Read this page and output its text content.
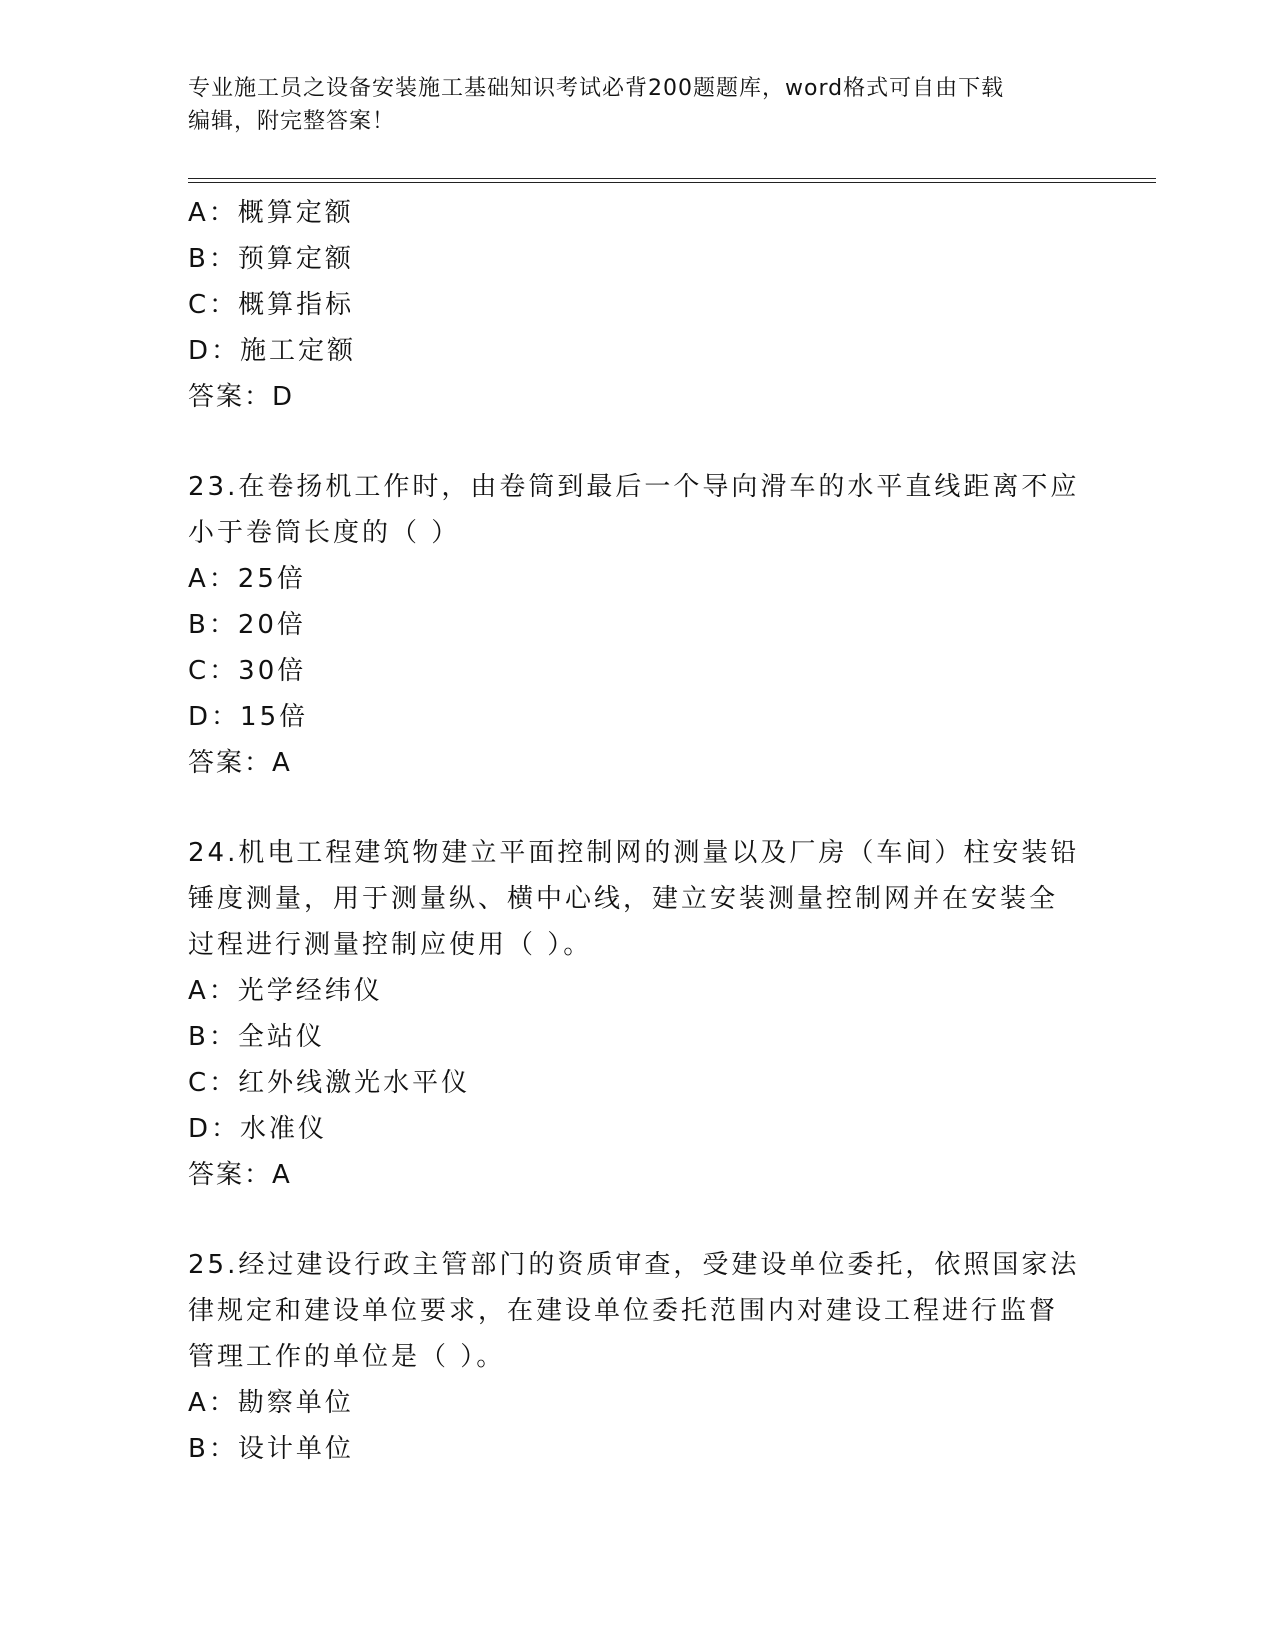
专业施工员之设备安装施工基础知识考试必背200题题库，word格式可自由下载
编辑，附完整答案！
A：概算定额
B：预算定额
C：概算指标
D：施工定额
答案：D
23.在卷扬机工作时，由卷筒到最后一个导向滑车的水平直线距离不应
小于卷筒长度的（ ）
A：25倍
B：20倍
C：30倍
D：15倍
答案：A
24.机电工程建筑物建立平面控制网的测量以及厂房（车间）柱安装铅
锤度测量，用于测量纵、横中心线，建立安装测量控制网并在安装全
过程进行测量控制应使用（ ）。
A：光学经纬仪
B：全站仪
C：红外线激光水平仪
D：水准仪
答案：A
25.经过建设行政主管部门的资质审查，受建设单位委托，依照国家法
律规定和建设单位要求，在建设单位委托范围内对建设工程进行监督
管理工作的单位是（ ）。
A：勘察单位
B：设计单位
